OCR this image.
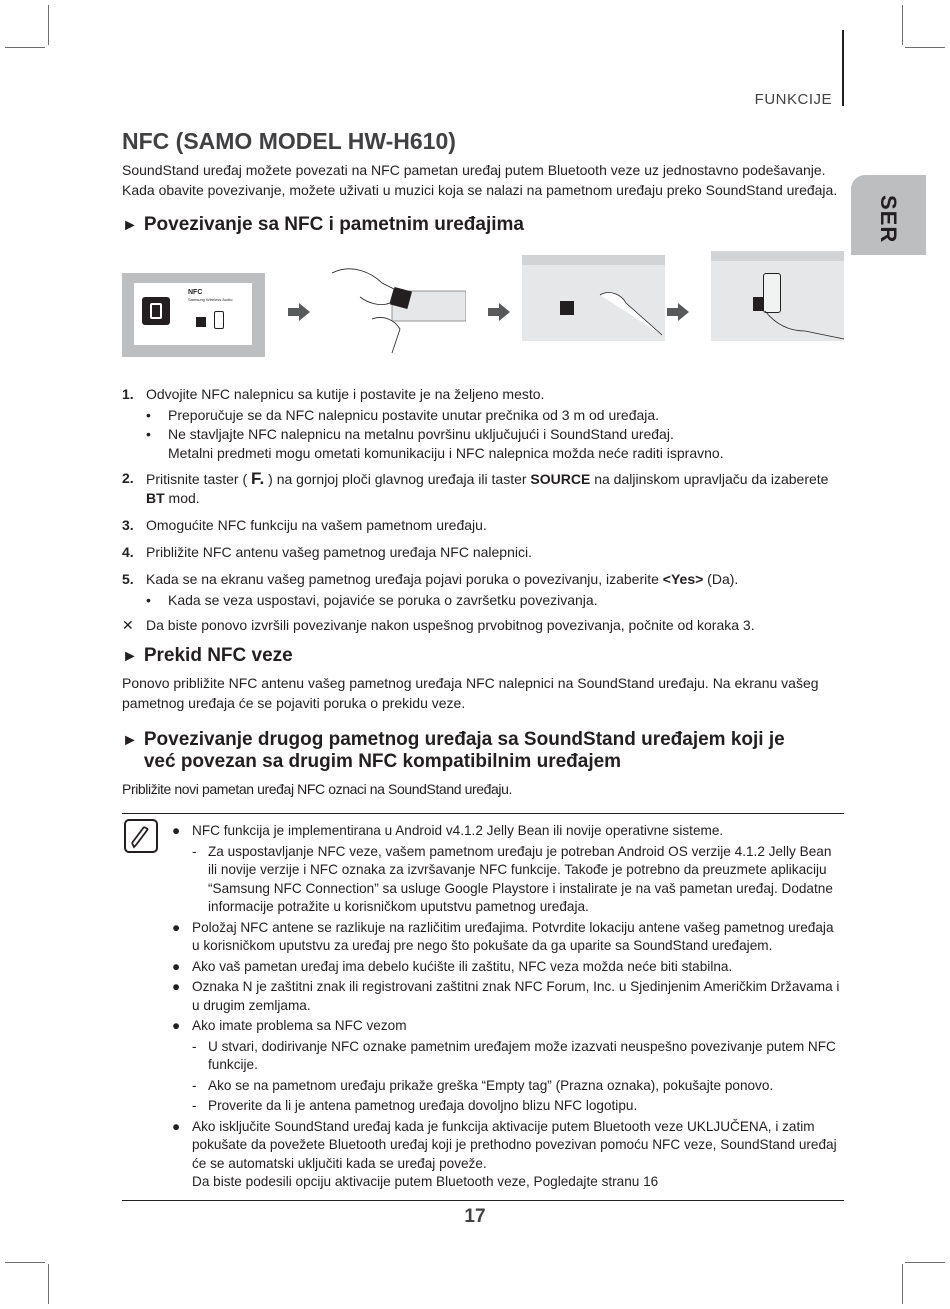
FUNKCIJE
SER
NFC (SAMO MODEL HW-H610)

SoundStand uređaj možete povezati na NFC pametan uređaj putem Bluetooth veze uz jednostavno podešavanje. Kada obavite povezivanje, možete uživati u muzici koja se nalazi na pametnom uređaju preko SoundStand uređaja.

► Povezivanje sa NFC i pametnim uređajima
NFC
Samsung Wireless Audio
1. Odvojite NFC nalepnicu sa kutije i postavite je na željeno mesto.
•	Preporučuje se da NFC nalepnicu postavite unutar prečnika od 3 m od uređaja.
•	Ne stavljajte NFC nalepnicu na metalnu površinu uključujući i SoundStand uređaj.
Metalni predmeti mogu ometati komunikaciju i NFC nalepnica možda neće raditi ispravno.
2. Pritisnite taster ( F. ) na gornjoj ploči glavnog uređaja ili taster SOURCE na daljinskom upravljaču da izaberete BT mod.
3. Omogućite NFC funkciju na vašem pametnom uređaju.
4. Približite NFC antenu vašeg pametnog uređaja NFC nalepnici.
5. Kada se na ekranu vašeg pametnog uređaja pojavi poruka o povezivanju, izaberite <Yes> (Da).
•	Kada se veza uspostavi, pojaviće se poruka o završetku povezivanja.
✕ Da biste ponovo izvršili povezivanje nakon uspešnog prvobitnog povezivanja, počnite od koraka 3.
► Prekid NFC veze

Ponovo približite NFC antenu vašeg pametnog uređaja NFC nalepnici na SoundStand uređaju. Na ekranu vašeg pametnog uređaja će se pojaviti poruka o prekidu veze.

► Povezivanje drugog pametnog uređaja sa SoundStand uređajem koji je
već povezan sa drugim NFC kompatibilnim uređajem

Približite novi pametan uređaj NFC oznaci na SoundStand uređaju.

● NFC funkcija je implementirana u Android v4.1.2 Jelly Bean ili novije operativne sisteme.
- Za uspostavljanje NFC veze, vašem pametnom uređaju je potreban Android OS verzije 4.1.2 Jelly Bean ili novije verzije i NFC oznaka za izvršavanje NFC funkcije. Takođe je potrebno da preuzmete aplikaciju “Samsung NFC Connection” sa usluge Google Playstore i instalirate je na vaš pametan uređaj. Dodatne informacije potražite u korisničkom uputstvu pametnog uređaja.
● Položaj NFC antene se razlikuje na različitim uređajima. Potvrdite lokaciju antene vašeg pametnog uređaja u korisničkom uputstvu za uređaj pre nego što pokušate da ga uparite sa SoundStand uređajem.
● Ako vaš pametan uređaj ima debelo kućište ili zaštitu, NFC veza možda neće biti stabilna.
● Oznaka N je zaštitni znak ili registrovani zaštitni znak NFC Forum, Inc. u Sjedinjenim Američkim Državama i u drugim zemljama.
● Ako imate problema sa NFC vezom
- U stvari, dodirivanje NFC oznake pametnim uređajem može izazvati neuspešno povezivanje putem NFC funkcije.
- Ako se na pametnom uređaju prikaže greška “Empty tag” (Prazna oznaka), pokušajte ponovo.
- Proverite da li je antena pametnog uređaja dovoljno blizu NFC logotipu.
● Ako isključite SoundStand uređaj kada je funkcija aktivacije putem Bluetooth veze UKLJUČENA, i zatim pokušate da povežete Bluetooth uređaj koji je prethodno povezivan pomoću NFC veze, SoundStand uređaj će se automatski uključiti kada se uređaj poveže.
Da biste podesili opciju aktivacije putem Bluetooth veze, Pogledajte stranu 16
17
